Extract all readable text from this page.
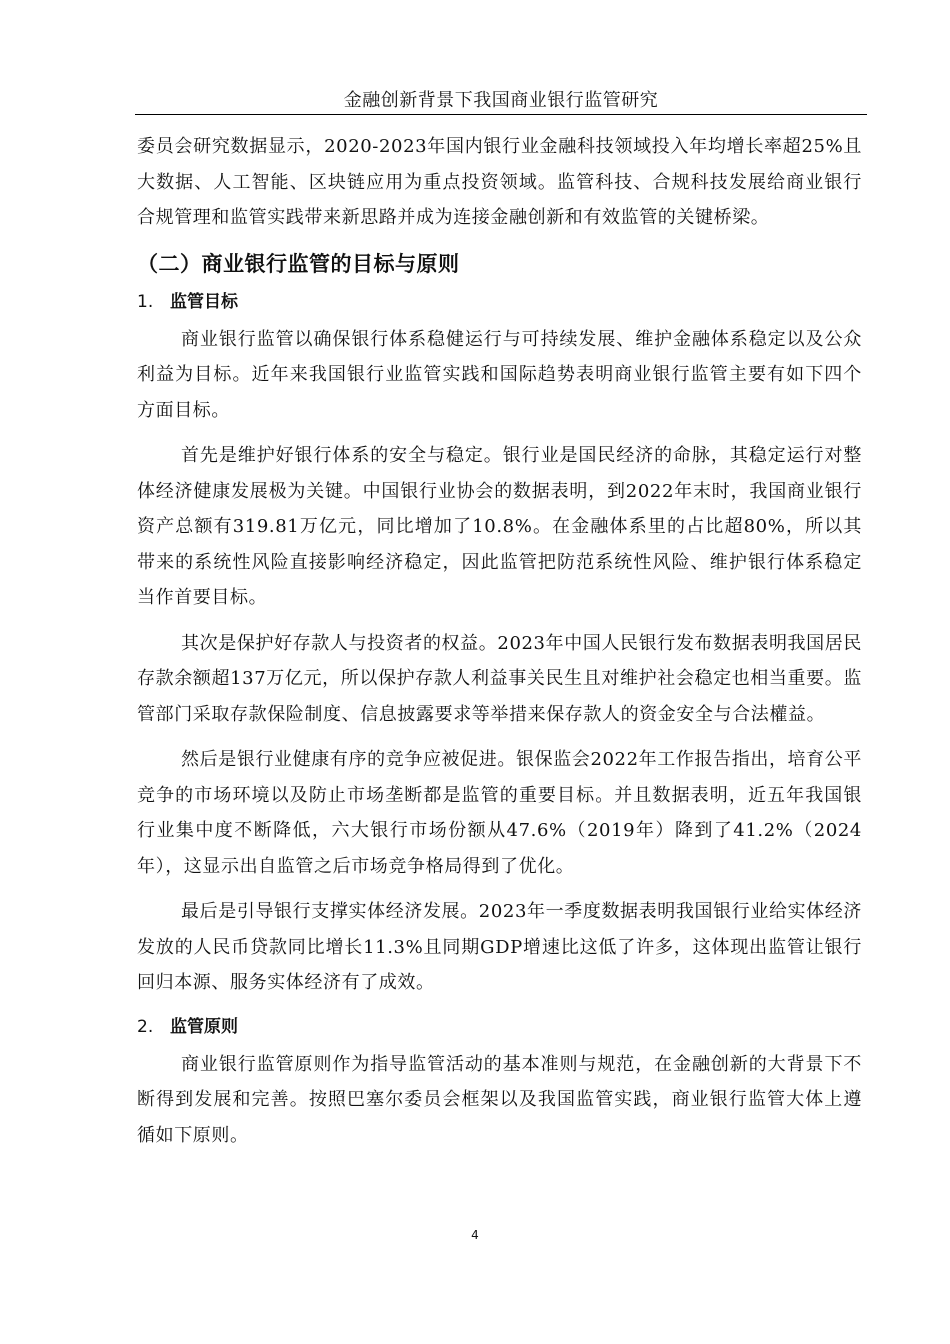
金融创新背景下我国商业银行监管研究

委员会研究数据显示，2020-2023年国内银行业金融科技领域投入年均增长率超25%且大数据、人工智能、区块链应用为重点投资领域。监管科技、合规科技发展给商业银行合规管理和监管实践带来新思路并成为连接金融创新和有效监管的关键桥梁。

（二）商业银行监管的目标与原则
1. 监管目标

商业银行监管以确保银行体系稳健运行与可持续发展、维护金融体系稳定以及公众利益为目标。近年来我国银行业监管实践和国际趋势表明商业银行监管主要有如下四个方面目标。

首先是维护好银行体系的安全与稳定。银行业是国民经济的命脉，其稳定运行对整体经济健康发展极为关键。中国银行业协会的数据表明，到2022年末时，我国商业银行资产总额有319.81万亿元，同比增加了10.8%。在金融体系里的占比超80%，所以其带来的系统性风险直接影响经济稳定，因此监管把防范系统性风险、维护银行体系稳定当作首要目标。

其次是保护好存款人与投资者的权益。2023年中国人民银行发布数据表明我国居民存款余额超137万亿元，所以保护存款人利益事关民生且对维护社会稳定也相当重要。监管部门采取存款保险制度、信息披露要求等举措来保存款人的资金安全与合法權益。

然后是银行业健康有序的竞争应被促进。银保监会2022年工作报告指出，培育公平竞争的市场环境以及防止市场垄断都是监管的重要目标。并且数据表明，近五年我国银行业集中度不断降低，六大银行市场份额从47.6%（2019年）降到了41.2%（2024年），这显示出自监管之后市场竞争格局得到了优化。

最后是引导银行支撑实体经济发展。2023年一季度数据表明我国银行业给实体经济发放的人民币贷款同比增长11.3%且同期GDP增速比这低了许多，这体现出监管让银行回归本源、服务实体经济有了成效。

2. 监管原则

商业银行监管原则作为指导监管活动的基本准则与规范，在金融创新的大背景下不断得到发展和完善。按照巴塞尔委员会框架以及我国监管实践，商业银行监管大体上遵循如下原则。

4
